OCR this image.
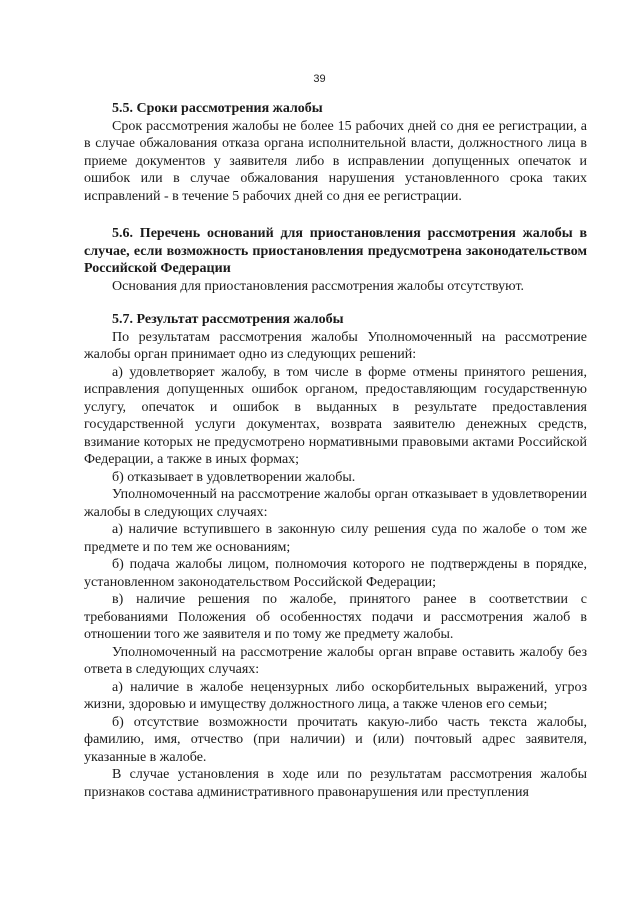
39

5.5. Сроки рассмотрения жалобы

Срок рассмотрения жалобы не более 15 рабочих дней со дня ее регистрации, а в случае обжалования отказа органа исполнительной власти, должностного лица в приеме документов у заявителя либо в исправлении допущенных опечаток и ошибок или в случае обжалования нарушения установленного срока таких исправлений - в течение 5 рабочих дней со дня ее регистрации.

5.6. Перечень оснований для приостановления рассмотрения жалобы в случае, если возможность приостановления предусмотрена законодательством Российской Федерации

Основания для приостановления рассмотрения жалобы отсутствуют.

5.7. Результат рассмотрения жалобы

По результатам рассмотрения жалобы Уполномоченный на рассмотрение жалобы орган принимает одно из следующих решений:

а) удовлетворяет жалобу, в том числе в форме отмены принятого решения, исправления допущенных ошибок органом, предоставляющим государственную услугу, опечаток и ошибок в выданных в результате предоставления государственной услуги документах, возврата заявителю денежных средств, взимание которых не предусмотрено нормативными правовыми актами Российской Федерации, а также в иных формах;

б) отказывает в удовлетворении жалобы.

Уполномоченный на рассмотрение жалобы орган отказывает в удовлетворении жалобы в следующих случаях:

а) наличие вступившего в законную силу решения суда по жалобе о том же предмете и по тем же основаниям;

б) подача жалобы лицом, полномочия которого не подтверждены в порядке, установленном законодательством Российской Федерации;

в) наличие решения по жалобе, принятого ранее в соответствии с требованиями Положения об особенностях подачи и рассмотрения жалоб в отношении того же заявителя и по тому же предмету жалобы.

Уполномоченный на рассмотрение жалобы орган вправе оставить жалобу без ответа в следующих случаях:

а) наличие в жалобе нецензурных либо оскорбительных выражений, угроз жизни, здоровью и имуществу должностного лица, а также членов его семьи;

б) отсутствие возможности прочитать какую-либо часть текста жалобы, фамилию, имя, отчество (при наличии) и (или) почтовый адрес заявителя, указанные в жалобе.

В случае установления в ходе или по результатам рассмотрения жалобы признаков состава административного правонарушения или преступления
